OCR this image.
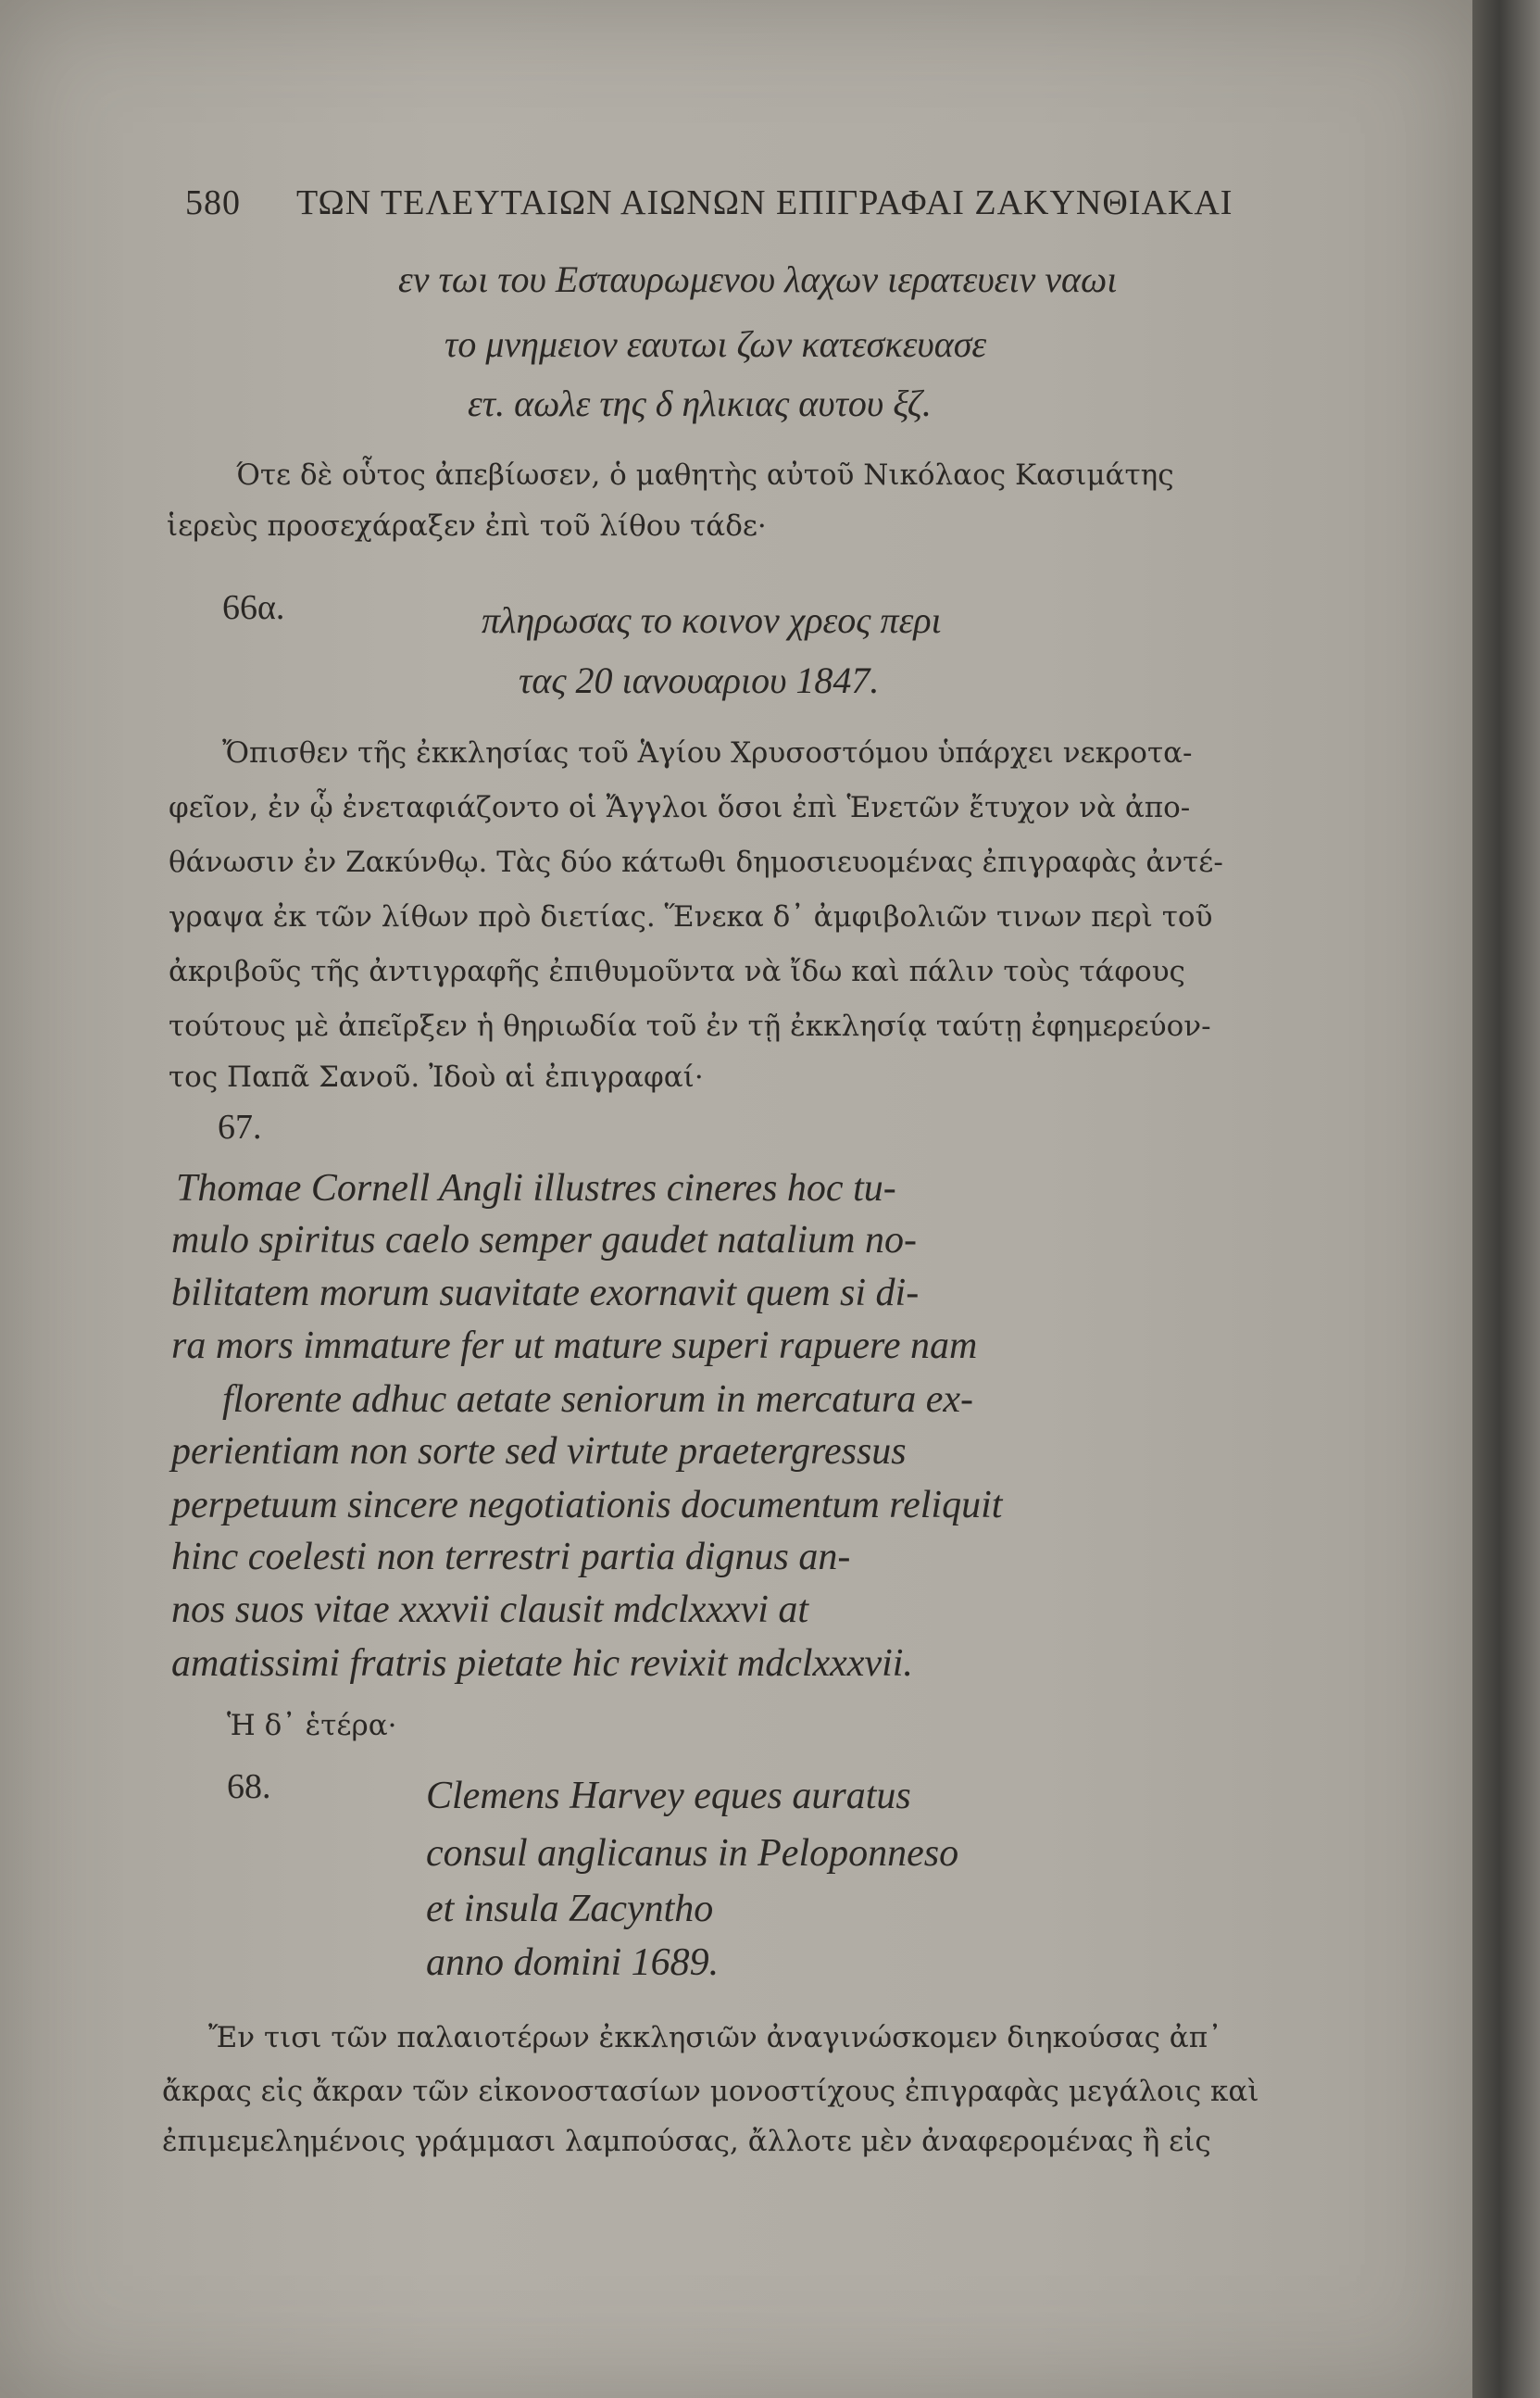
580 ΤΩΝ ΤΕΛΕΥΤΑΙΩΝ ΑΙΩΝΩΝ ΕΠΙΓΡΑΦΑΙ ΖΑΚΥΝΘΙΑΚΑΙ
εν τωι του Εσταυρωμενου λαχων ιερατευειν ναωι
το μνημειον εαυτωι ζων κατεσκευασε
ετ. αωλε της δ ηλικιας αυτου ξζ.
Ότε δὲ οὗτος ἀπεβίωσεν, ὁ μαθητὴς αὐτοῦ Νικόλαος Κασιμάτης
ἱερεὺς προσεχάραξεν ἐπὶ τοῦ λίθου τάδε·
66α.	πληρωσας το κοινον χρεος περι
τας 20 ιανουαριου 1847.
Ὄπισθεν τῆς ἐκκλησίας τοῦ Ἁγίου Χρυσοστόμου ὑπάρχει νεκροτα-
φεῖον, ἐν ᾧ ἐνεταφιάζοντο οἱ Ἄγγλοι ὅσοι ἐπὶ Ἑνετῶν ἔτυχον νὰ ἀπο-
θάνωσιν ἐν Ζακύνθῳ. Τὰς δύο κάτωθι δημοσιευομένας ἐπιγραφὰς ἀντέ-
γραψα ἐκ τῶν λίθων πρὸ διετίας. Ἕνεκα δ᾽ ἀμφιβολιῶν τινων περὶ τοῦ
ἀκριβοῦς τῆς ἀντιγραφῆς ἐπιθυμοῦντα νὰ ἴδω καὶ πάλιν τοὺς τάφους
τούτους μὲ ἀπεῖρξεν ἡ θηριωδία τοῦ ἐν τῇ ἐκκλησίᾳ ταύτῃ ἐφημερεύον-
τος Παπᾶ Σανοῦ. Ἰδοὺ αἱ ἐπιγραφαί·
67.
Thomae Cornell Angli illustres cineres hoc tu-
mulo spiritus caelo semper gaudet natalium no-
bilitatem morum suavitate exornavit quem si di-
ra mors immature fer ut mature superi rapuere nam
florente adhuc aetate seniorum in mercatura ex-
perientiam non sorte sed virtute praetergressus
perpetuum sincere negotiationis documentum reliquit
hinc coelesti non terrestri partia dignus an-
nos suos vitae xxxvii clausit mdclxxxvi at
amatissimi fratris pietate hic revixit mdclxxxvii.
Ἡ δ᾽ ἑτέρα·
68.	Clemens Harvey eques auratus
consul anglicanus in Peloponneso
et insula Zacyntho
anno domini 1689.
Ἔν τισι τῶν παλαιοτέρων ἐκκλησιῶν ἀναγινώσκομεν διηκούσας ἀπ᾽
ἄκρας εἰς ἄκραν τῶν εἰκονοστασίων μονοστίχους ἐπιγραφὰς μεγάλοις καὶ
ἐπιμεμελημένοις γράμμασι λαμπούσας, ἄλλοτε μὲν ἀναφερομένας ἢ εἰς
